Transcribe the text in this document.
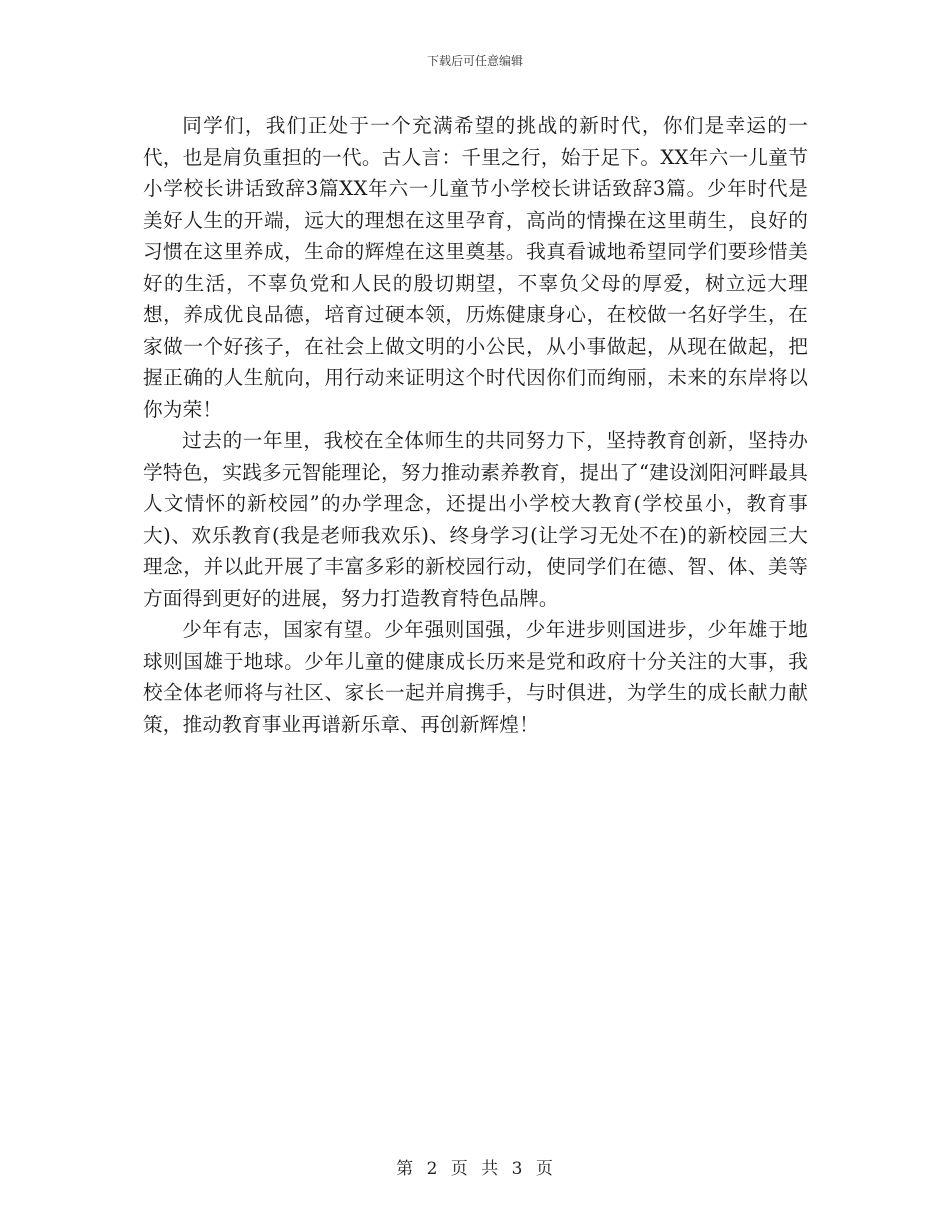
下载后可任意编辑

同学们，我们正处于一个充满希望的挑战的新时代，你们是幸运的一代，也是肩负重担的一代。古人言：千里之行，始于足下。XX年六一儿童节小学校长讲话致辞3篇XX年六一儿童节小学校长讲话致辞3篇。少年时代是美好人生的开端，远大的理想在这里孕育，高尚的情操在这里萌生，良好的习惯在这里养成，生命的辉煌在这里奠基。我真看诚地希望同学们要珍惜美好的生活，不辜负党和人民的殷切期望，不辜负父母的厚爱，树立远大理想，养成优良品德，培育过硬本领，历炼健康身心，在校做一名好学生，在家做一个好孩子，在社会上做文明的小公民，从小事做起，从现在做起，把握正确的人生航向，用行动来证明这个时代因你们而绚丽，未来的东岸将以你为荣！

过去的一年里，我校在全体师生的共同努力下，坚持教育创新，坚持办学特色，实践多元智能理论，努力推动素养教育，提出了“建设浏阳河畔最具人文情怀的新校园”的办学理念，还提出小学校大教育(学校虽小，教育事大)、欢乐教育(我是老师我欢乐)、终身学习(让学习无处不在)的新校园三大理念，并以此开展了丰富多彩的新校园行动，使同学们在德、智、体、美等方面得到更好的进展，努力打造教育特色品牌。

少年有志，国家有望。少年强则国强，少年进步则国进步，少年雄于地球则国雄于地球。少年儿童的健康成长历来是党和政府十分关注的大事，我校全体老师将与社区、家长一起并肩携手，与时俱进，为学生的成长献力献策，推动教育事业再谱新乐章、再创新辉煌！

第 2 页 共 3 页
